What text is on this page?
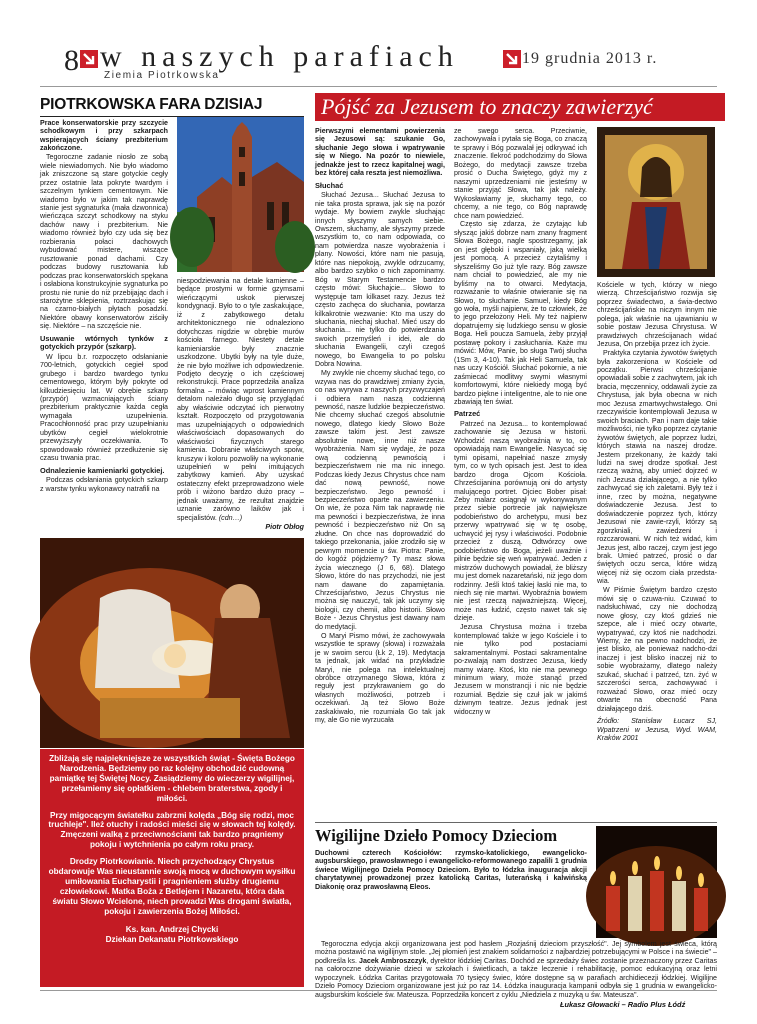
8 w naszych parafiach
Ziemia Piotrkowska
19 grudnia 2013 r.
PIOTRKOWSKA FARA DZISIAJ

Prace konserwatorskie przy szczycie schodkowym i przy szkarpach wspierających ściany prezbiterium zakończone.

Tegoroczne zadanie niosło ze sobą wiele niewiadomych. Nie było wiadomo jak zniszczone są stare gotyckie cegły przez ostatnie lata pokryte twardym i szczelnym tynkiem cementowym. Nie wiadomo było w jakim tak naprawdę stanie jest sygnaturka (mała dzwonnica) wieńcząca szczyt schodkowy na styku dachów nawy i prezbiterium. Nie wiadomo również było czy uda się bez rozbierania połaci dachowych wybudować mistere, wiszące rusztowanie ponad dachami. Czy podczas budowy rusztowania lub podczas prac konserwatorskich spękana i osłabiona konstrukcyjnie sygnaturka po prostu nie runie do niż przebijając dach i starożytne sklepienia, roztrzaskując się na czarno-białych płytach posadzki. Niektóre obawy konserwatorów ziściły się. Niektóre – na szczęście nie.

Usuwanie wtórnych tynków z gotyckich przypór (szkarp).

W lipcu b.r. rozpoczęto odsłanianie 700-letnich, gotyckich cegieł spod grubego i bardzo twardego tynku cementowego, którym były pokryte od kilkudziesięciu lat. W obrębie szkarp (przypór) wzmacniających ściany prezbiterium praktycznie każda cegła wymagała uzupełnienia. Pracochłonność prac przy uzupełnianiu ubytków cegieł wielokrotnie przewyższyły oczekiwania. To spowodowało również przedłużenie się czasu trwania prac.

Odnalezienie kamieniarki gotyckiej.

Podczas odsłaniania gotyckich szkarp z warstw tynku wykonawcy natrafili na

niespodziewania na detale kamienne – będące prostymi w formie gzymsami wieńczącymi uskok pierwszej kondygnacji. Było to o tyle zaskakujące, iż z zabytkowego detalu architektonicznego nie odnaleziono dotychczas nigdzie w obrębie murów kościoła farnego. Niestety detale kamieniarskie były znacznie uszkodzone. Ubytki były na tyle duże, że nie było możliwe ich odpowiedzenie. Podjęto decyzję o ich częściowej rekonstrukcji. Prace poprzedziła analiza formalna – mówiąc wprost kamiennym detalom należało długo się przyglądać aby właściwie odczytać ich pierwotny kształt. Rozpoczęto od przygotowania mas uzupełniających o odpowiednich właściwościach dopasowanych do właściwości fizycznych starego kamienia. Dobranie właściwych spoiw, kruszyw i koloru pozwoliły na wykonanie uzupełnień w pełni imitujących zabytkowy kamień. Aby uzyskać ostateczny efekt przeprowadzono wiele prób i wiżono bardzo dużo pracy – jednak uważamy, że rezultat znajdzie uznanie zarówno laików jak i specjalistów. (cdn…)

Piotr Obłog

Zbliżają się najpiękniejsze ze wszystkich świąt - Święta Bożego Narodzenia. Będziemy po raz kolejny obchodzić cudowną pamiątkę tej Świętej Nocy. Zasiądziemy do wieczerzy wigilijnej, przełamiemy się opłatkiem - chlebem braterstwa, zgody i miłości.

Przy migocącym światełku zabrzmi kolęda „Bóg się rodzi, moc truchleje". Ileż otuchy i radości mieści się w słowach tej kolędy. Zmęczeni walką z przeciwnościami tak bardzo pragniemy pokoju i wytchnienia po całym roku pracy.

Drodzy Piotrkowianie. Niech przychodzący Chrystus obdarowuje Was nieustannie swoją mocą w duchowym wysiłku umiłowania Eucharystii i pragnieniem służby drugiemu człowiekowi. Matka Boża z Betlejem i Nazaretu, która dała światu Słowo Wcielone, niech prowadzi Was drogami światła, pokoju i zawierzenia Bożej Miłości.

Ks. kan. Andrzej Chycki
Dziekan Dekanatu Piotrkowskiego
Pójść za Jezusem to znaczy zawierzyć

Pierwszymi elementami powierzenia się Jezusowi są: szukanie Go, słuchanie Jego słowa i wpatrywanie się w Niego. Na pozór to niewiele, jednakże jest to rzecz kapitalnej wagi, bez której cała reszta jest niemożliwa.

Słuchać

Słuchać Jezusa... Słuchać Jezusa to nie taka prosta sprawa, jak się na pozór wydaje. My bowiem zwykle słuchając innych słyszymy samych siebie. Owszem, słuchamy, ale słyszymy przede wszystkim to, co nam odpowiada, co nam potwierdza nasze wyobrażenia i plany. Nowości, które nam nie pasują, które nas niepokoją, zwykle odrzucamy, albo bardzo szybko o nich zapominamy. Bóg w Starym Testamencie bardzo często mówi: Słuchajcie... Słowo to występuje tam kilkaset razy. Jezus też często zachęca do słuchania, powtarza kilkakrotnie wezwanie: Kto ma uszy do słuchania, niechaj słucha!. Mieć uszy do słuchania... nie tylko do potwierdzania swoich przemyśleń i idei, ale do słuchania Ewangelii, czyli czegoś nowego, bo Ewangelia to po polsku Dobra Nowina.

My zwykle nie chcemy słuchać tego, co wzywa nas do prawdziwej zmiany życia, co nas wyrywa z naszych przyzwyczajeń i odbiera nam naszą codzienną pewność, nasze ludzkie bezpieczeństwo. Nie chcemy słuchać czegoś absolutnie nowego, dlatego kiedy Słowo Boże zawsze takim jest. Jest zawsze absolutnie nowe, inne niż nasze wyobrażenia. Nam się wydaje, że poza ową codzienną pewnością i bezpieczeństwem nie ma nic innego. Podczas kiedy Jezus Chrystus chce nam dać nową pewność, nowe bezpieczeństwo. Jego pewność i bezpieczeństwo oparte na zawierzeniu. On wie, że poza Nim tak naprawdę nie ma pewności i bezpieczeństwa, że inna pewność i bezpieczeństwo niż On są złudne. On chce nas doprowadzić do takiego przekonania, jakie zrodziło się w pewnym momencie u św. Piotra: Panie, do kogóż pójdziemy? Ty masz słowa życia wiecznego (J 6, 68). Dlatego Słowo, które do nas przychodzi, nie jest nam dawane do zapamiętania. Chrześcijaństwo, Jezus Chrystus nie można się nauczyć, tak jak uczymy się biologii, czy chemii, albo historii. Słowo Boże - Jezus Chrystus jest dawany nam do medytacji.

O Maryi Pismo mówi, że zachowywała wszystkie te sprawy (słowa) i rozważała je w swoim sercu (Łk 2, 19). Medytacja ta jednak, jak widać na przykładzie Maryi, nie polega na intelektualnej obróbce otrzymanego Słowa, która z reguły jest przykrawaniem go do własnych możliwości, potrzeb i oczekiwań. Ją też Słowo Boże zaskakiwało, nie rozumiała Go tak jak my, ale Go nie wyrzucała

ze swego serca. Przeciwnie, zachowywała i pytała się Boga, co znaczą te sprawy i Bóg pozwalał jej odkrywać ich znaczenie. Ilekroć podchodzimy do Słowa Bożego, do medytacji zawsze trzeba prosić o Ducha Świętego, gdyż my z naszymi uprzedzeniami nie jesteśmy w stanie przyjąć Słowa, tak jak należy. Wykosławiamy je, słuchamy tego, co chcemy, a nie tego, co Bóg naprawdę chce nam powiedzieć.

Często się zdarza, że czytając lub słysząc jakiś dobrze nam znany fragment Słowa Bożego, nagle spostrzegamy, jak on jest głęboki i wspaniały, jaką wielką jest pomocą. A przecież czytaliśmy i słyszeliśmy Go już tyle razy. Bóg zawsze nam chciał to powiedzieć, ale my nie byliśmy na to otwarci. Medytacja, rozważanie to właśnie otwieranie się na Słowo, to słuchanie. Samuel, kiedy Bóg go woła, myśli najpierw, że to człowiek, że to jego przełożony Heli. My też najpierw dopatrujemy się ludzkiego sensu w głosie Boga. Heli poucza Samuela, żeby przyjął postawę pokory i zasłuchania. Każe mu mówić: Mów, Panie, bo sługa Twój słucha (1Sm 3, 4-10). Tak jak Heli Samuela, tak nas uczy Kościół. Słuchać pokornie, a nie zaśmiecać modlitwy swymi własnymi komfortowymi, które niekiedy mogą być bardzo piękne i inteligentne, ale to nie one zbawiają ten świat.

Patrzeć

Patrzeć na Jezusa... to kontemplować zachowanie się Jezusa w historii. Wchodzić naszą wyobraźnią w to, co opowiadają nam Ewangelie. Nasycać się tymi opisami, napełniać nasze zmysły tym, co w tych opisach jest. Jest to idea bardzo droga Ojcom Kościoła. Chrześcijanina porównują oni do artysty malującego portret. Ojciec Bober pisał: Żeby malarz osiągnął w wykonywanym przez siebie portrecie jak największe podobieństwo do archetypu, musi bez przerwy wpatrywać się w tę osobę, uchwycić jej rysy i właściwości. Podobnie przecież z duszą. Odtwórzcy owe podobieństwo do Boga, jeżeli uważnie i pilnie będzie się weń wpatrywać. Jeden z mistrzów duchowych powiadał, że bliższy mu jest domek nazaretański, niż jego dom rodzinny. Jeśli ktoś takiej łaski nie ma, to niech się nie martwi. Wyobraźnia bowiem nie jest rzeczą najważniejszą. Więcej, może nas łudzić, często nawet tak się dzieje.

Jezusa Chrystusa można i trzeba kontemplować także w jego Kościele i to nie tylko pod postaciami sakramentalnymi. Postaci sakramentalne po-zwalają nam dostrzec Jezusa, kiedy mamy wiarę. Ktoś, kto nie ma pewnego minimum wiary, może stanąć przed Jezusem w monstrancji i nic nie będzie rozumiał. Będzie się czuł jak w jakimś dziwnym teatrze. Jezus jednak jest widoczny w

Kościele w tych, którzy w niego wierzą. Chrześcijaństwo rozwija się poprzez świadectwo, a świa-dectwo chrześcijańskie na niczym innym nie polega, jak właśnie na ujawnianiu w sobie postaw Jezusa Chrystusa. W prawdziwych chrześcijanach widać Jezusa, On przebija przez ich życie.

Praktyka czytania żywotów świętych była zakorzeniona w Kościele od początku. Pierwsi chrześcijanie opowiadali sobie z zachwytem, jak ich bracia, męczennicy, oddawali życie za Chrystusa, jak była obecna w nich moc Jezusa zmartwychwstałego. Oni rzeczywiście kontemplowali Jezusa w swoich braciach. Pan i nam daje takie możliwości, nie tylko poprzez czytanie żywotów świętych, ale poprzez ludzi, których stawia na naszej drodze. Jestem przekonany, że każdy taki ludzi na swej drodze spotkał. Jest rzeczą ważną, aby umieć dojrzeć w nich Jezusa działającego, a nie tylko zachwycać się ich zaletami. Były też i inne, rzec by można, negatywne doświadczenie Jezusa. Jest to doświadczenie poprzez tych, którzy Jezusowi nie zawie-rzyli, którzy są zgorzkniali, zawiedzeni i rozczarowani. W nich też widać, kim Jezus jest, albo raczej, czym jest jego brak. Umieć patrzeć, prosić o dar świętych oczu serca, które widzą więcej niż się oczom ciała przedsta-wia.

W Piśmie Świętym bardzo często mówi się o czuwa-niu. Czuwać to nadsłuchiwać, czy nie dochodzą nowe głosy, czy ktoś gdzieś nie szepce, ale i mieć oczy otwarte, wypatrywać, czy ktoś nie nadchodzi. Wiemy, że na pewno nadchodzi, że jest blisko, ale ponieważ nadcho-dzi inaczej i jest blisko inaczej niż to sobie wyobrażamy, dlatego należy szukać, słuchać i patrzeć, tzn. żyć w szczerości serca, zachowywać i rozważać Słowo, oraz mieć oczy otwarte na obecność Pana działającego dziś.

Źródło: Stanisław Łucarz SJ, Wpatrzeni w Jezusa, Wyd. WAM, Kraków 2001

Wigilijne Dzieło Pomocy Dzieciom

Duchowni czterech Kościołów: rzymsko-katolickiego, ewangelicko-augsburskiego, prawosławnego i ewangelicko-reformowanego zapalili 1 grudnia świece Wigilijnego Dzieła Pomocy Dzieciom. Było to łódzka inauguracja akcji charytatywnej prowadzonej przez katolicką Caritas, luterańską i kalwińską Diakonię oraz prawosławną Eleos.

Tegoroczna edycja akcji organizowana jest pod hasłem „Rozjaśnij dzieciom przyszłość". Jej symbolem jest świeca, którą można postawić na wigilijnym stole. „Jej płomień jest znakiem solidarności z najbardziej potrzebującymi w Polsce i na świecie" – podkreśla ks. Jacek Ambroszczyk, dyrektor łódzkiej Caritas. Dochód ze sprzedaży świec zostanie przeznaczony przez Caritas na całoroczne dożywianie dzieci w szkołach i świetlicach, a także leczenie i rehabilitację, pomoc edukacyjną oraz letni wypoczynek. Łódzka Caritas przygotowała 70 tysięcy świec, które dostępne są w parafiach archidiecezji łódzkiej. Wigilijne Dzieło Pomocy Dzieciom organizowane jest już po raz 14. Łódzka inauguracja kampanii odbyła się 1 grudnia w ewangelicko-augsburskim kościele św. Mateusza. Poprzedziła koncert z cyklu „Niedziela z muzyką u św. Mateusza".

Łukasz Głowacki – Radio Plus Łódź
